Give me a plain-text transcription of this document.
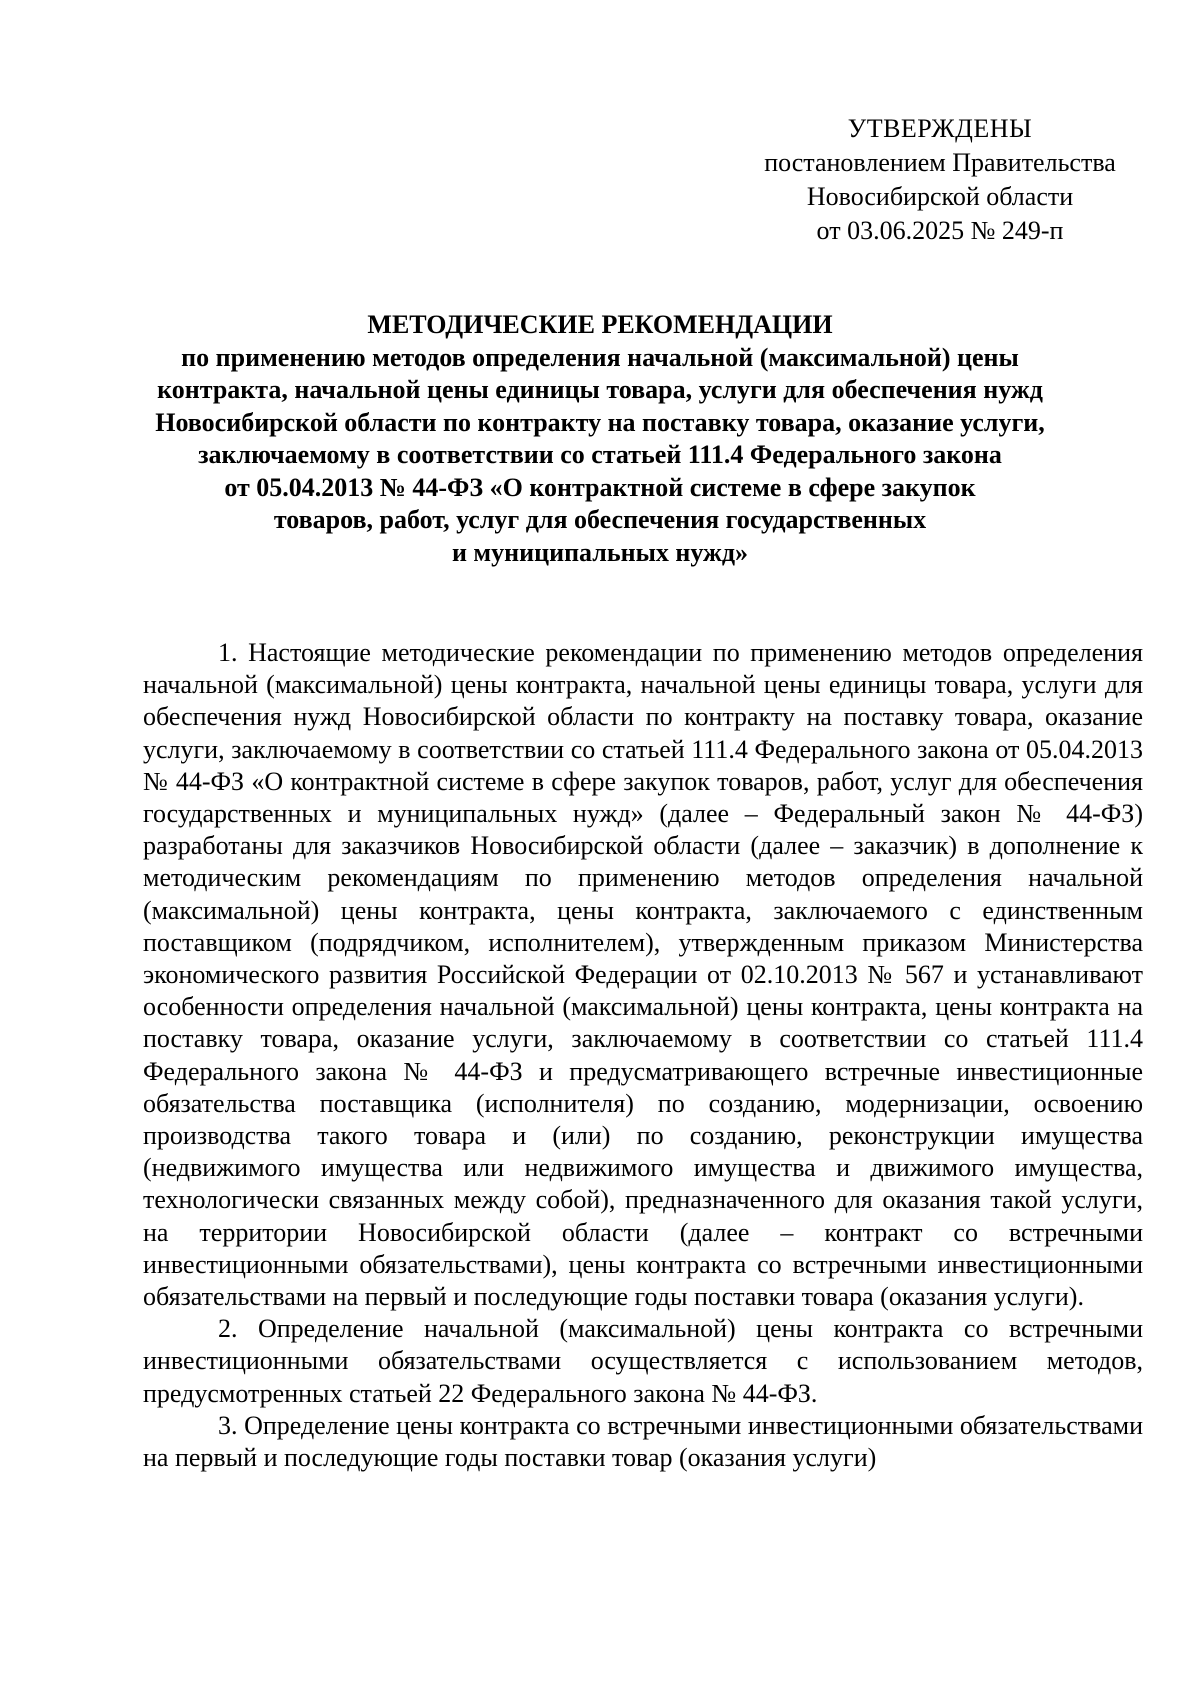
УТВЕРЖДЕНЫ
постановлением Правительства
Новосибирской области
от 03.06.2025 № 249-п
МЕТОДИЧЕСКИЕ РЕКОМЕНДАЦИИ
по применению методов определения начальной (максимальной) цены
контракта, начальной цены единицы товара, услуги для обеспечения нужд
Новосибирской области по контракту на поставку товара, оказание услуги,
заключаемому в соответствии со статьей 111.4 Федерального закона
от 05.04.2013 № 44-ФЗ «О контрактной системе в сфере закупок
товаров, работ, услуг для обеспечения государственных
и муниципальных нужд»

1. Настоящие методические рекомендации по применению методов определения начальной (максимальной) цены контракта, начальной цены единицы товара, услуги для обеспечения нужд Новосибирской области по контракту на поставку товара, оказание услуги, заключаемому в соответствии со статьей 111.4 Федерального закона от 05.04.2013 № 44-ФЗ «О контрактной системе в сфере закупок товаров, работ, услуг для обеспечения государственных и муниципальных нужд» (далее – Федеральный закон № 44-ФЗ) разработаны для заказчиков Новосибирской области (далее – заказчик) в дополнение к методическим рекомендациям по применению методов определения начальной (максимальной) цены контракта, цены контракта, заключаемого с единственным поставщиком (подрядчиком, исполнителем), утвержденным приказом Министерства экономического развития Российской Федерации от 02.10.2013 № 567 и устанавливают особенности определения начальной (максимальной) цены контракта, цены контракта на поставку товара, оказание услуги, заключаемому в соответствии со статьей 111.4 Федерального закона № 44-ФЗ и предусматривающего встречные инвестиционные обязательства поставщика (исполнителя) по созданию, модернизации, освоению производства такого товара и (или) по созданию, реконструкции имущества (недвижимого имущества или недвижимого имущества и движимого имущества, технологически связанных между собой), предназначенного для оказания такой услуги, на территории Новосибирской области (далее – контракт со встречными инвестиционными обязательствами), цены контракта со встречными инвестиционными обязательствами на первый и последующие годы поставки товара (оказания услуги).

2. Определение начальной (максимальной) цены контракта со встречными инвестиционными обязательствами осуществляется с использованием методов, предусмотренных статьей 22 Федерального закона № 44-ФЗ.

3. Определение цены контракта со встречными инвестиционными обязательствами на первый и последующие годы поставки товар (оказания услуги)
